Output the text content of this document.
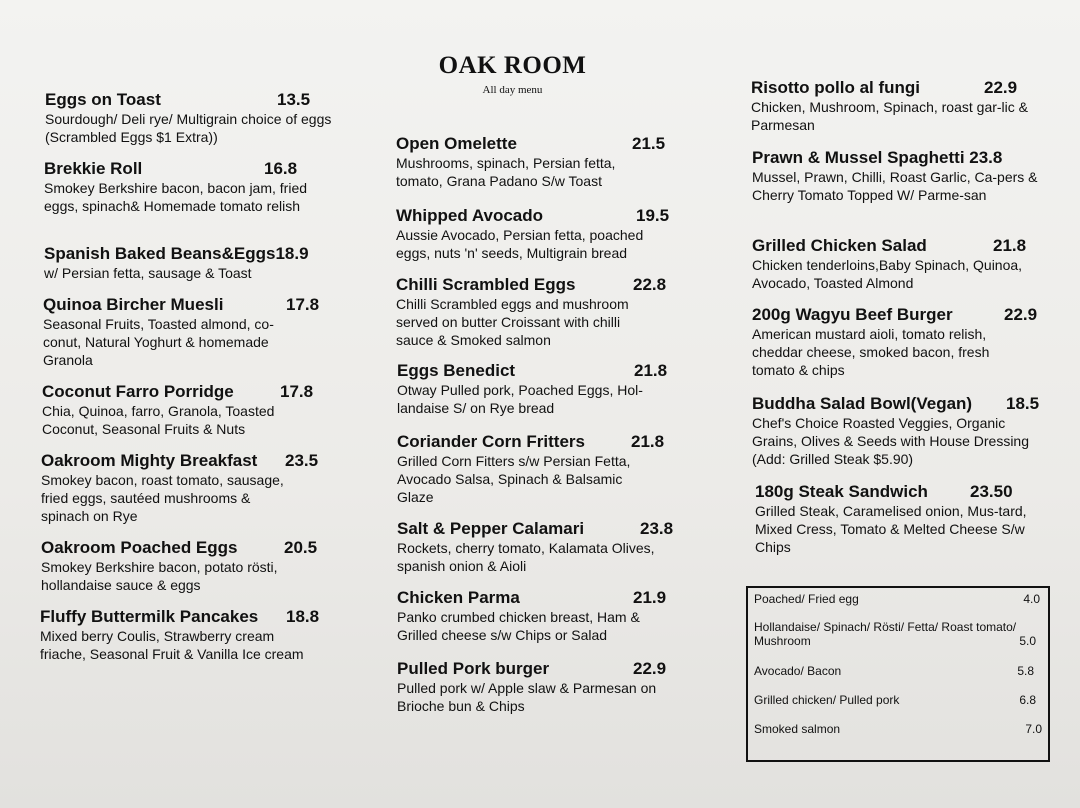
OAK ROOM
All day menu
Eggs on Toast	13.5
Sourdough/ Deli rye/ Multigrain choice of eggs (Scrambled Eggs $1 Extra))
Brekkie Roll	16.8
Smokey Berkshire bacon, bacon jam, fried eggs, spinach& Homemade tomato relish
Spanish Baked Beans&Eggs18.9
w/ Persian fetta, sausage & Toast
Quinoa Bircher Muesli	17.8
Seasonal Fruits, Toasted almond, co-conut, Natural Yoghurt & homemade Granola
Coconut Farro Porridge	17.8
Chia, Quinoa, farro, Granola, Toasted Coconut, Seasonal Fruits & Nuts
Oakroom Mighty Breakfast 23.5
Smokey bacon, roast tomato, sausage, fried eggs, sautéed mushrooms & spinach on Rye
Oakroom Poached Eggs	20.5
Smokey Berkshire bacon, potato rösti, hollandaise sauce & eggs
Fluffy Buttermilk Pancakes 18.8
Mixed berry Coulis, Strawberry cream friache, Seasonal Fruit & Vanilla Ice cream
Open Omelette	21.5
Mushrooms, spinach, Persian fetta, tomato, Grana Padano S/w Toast
Whipped Avocado	19.5
Aussie Avocado, Persian fetta, poached eggs, nuts 'n' seeds, Multigrain bread
Chilli Scrambled Eggs	22.8
Chilli Scrambled eggs and mushroom served on butter Croissant with chilli sauce & Smoked salmon
Eggs Benedict	21.8
Otway Pulled pork, Poached Eggs, Hol-landaise S/ on Rye bread
Coriander Corn Fritters	21.8
Grilled Corn Fitters s/w Persian Fetta, Avocado Salsa, Spinach & Balsamic Glaze
Salt & Pepper Calamari	23.8
Rockets, cherry tomato, Kalamata Olives, spanish onion & Aioli
Chicken Parma	21.9
Panko crumbed chicken breast, Ham & Grilled cheese s/w Chips or Salad
Pulled Pork burger	22.9
Pulled pork w/ Apple slaw & Parmesan on Brioche bun & Chips
Risotto pollo al fungi	22.9
Chicken, Mushroom, Spinach, roast gar-lic & Parmesan
Prawn & Mussel Spaghetti 23.8
Mussel, Prawn, Chilli, Roast Garlic, Ca-pers & Cherry Tomato Topped W/ Parme-san
Grilled Chicken Salad	21.8
Chicken tenderloins,Baby Spinach, Quinoa, Avocado, Toasted Almond
200g Wagyu Beef Burger	22.9
American mustard aioli, tomato relish, cheddar cheese, smoked bacon, fresh tomato & chips
Buddha Salad Bowl(Vegan) 18.5
Chef's Choice Roasted Veggies, Organic Grains, Olives & Seeds with House Dressing (Add: Grilled Steak $5.90)
180g Steak Sandwich 23.50
Grilled Steak, Caramelised onion, Mus-tard, Mixed Cress, Tomato & Melted Cheese S/w Chips
Poached/ Fried egg	4.0
Hollandaise/ Spinach/ Rösti/ Fetta/ Roast tomato/ Mushroom	5.0
Avocado/ Bacon	5.8
Grilled chicken/ Pulled pork	6.8
Smoked salmon	7.0
